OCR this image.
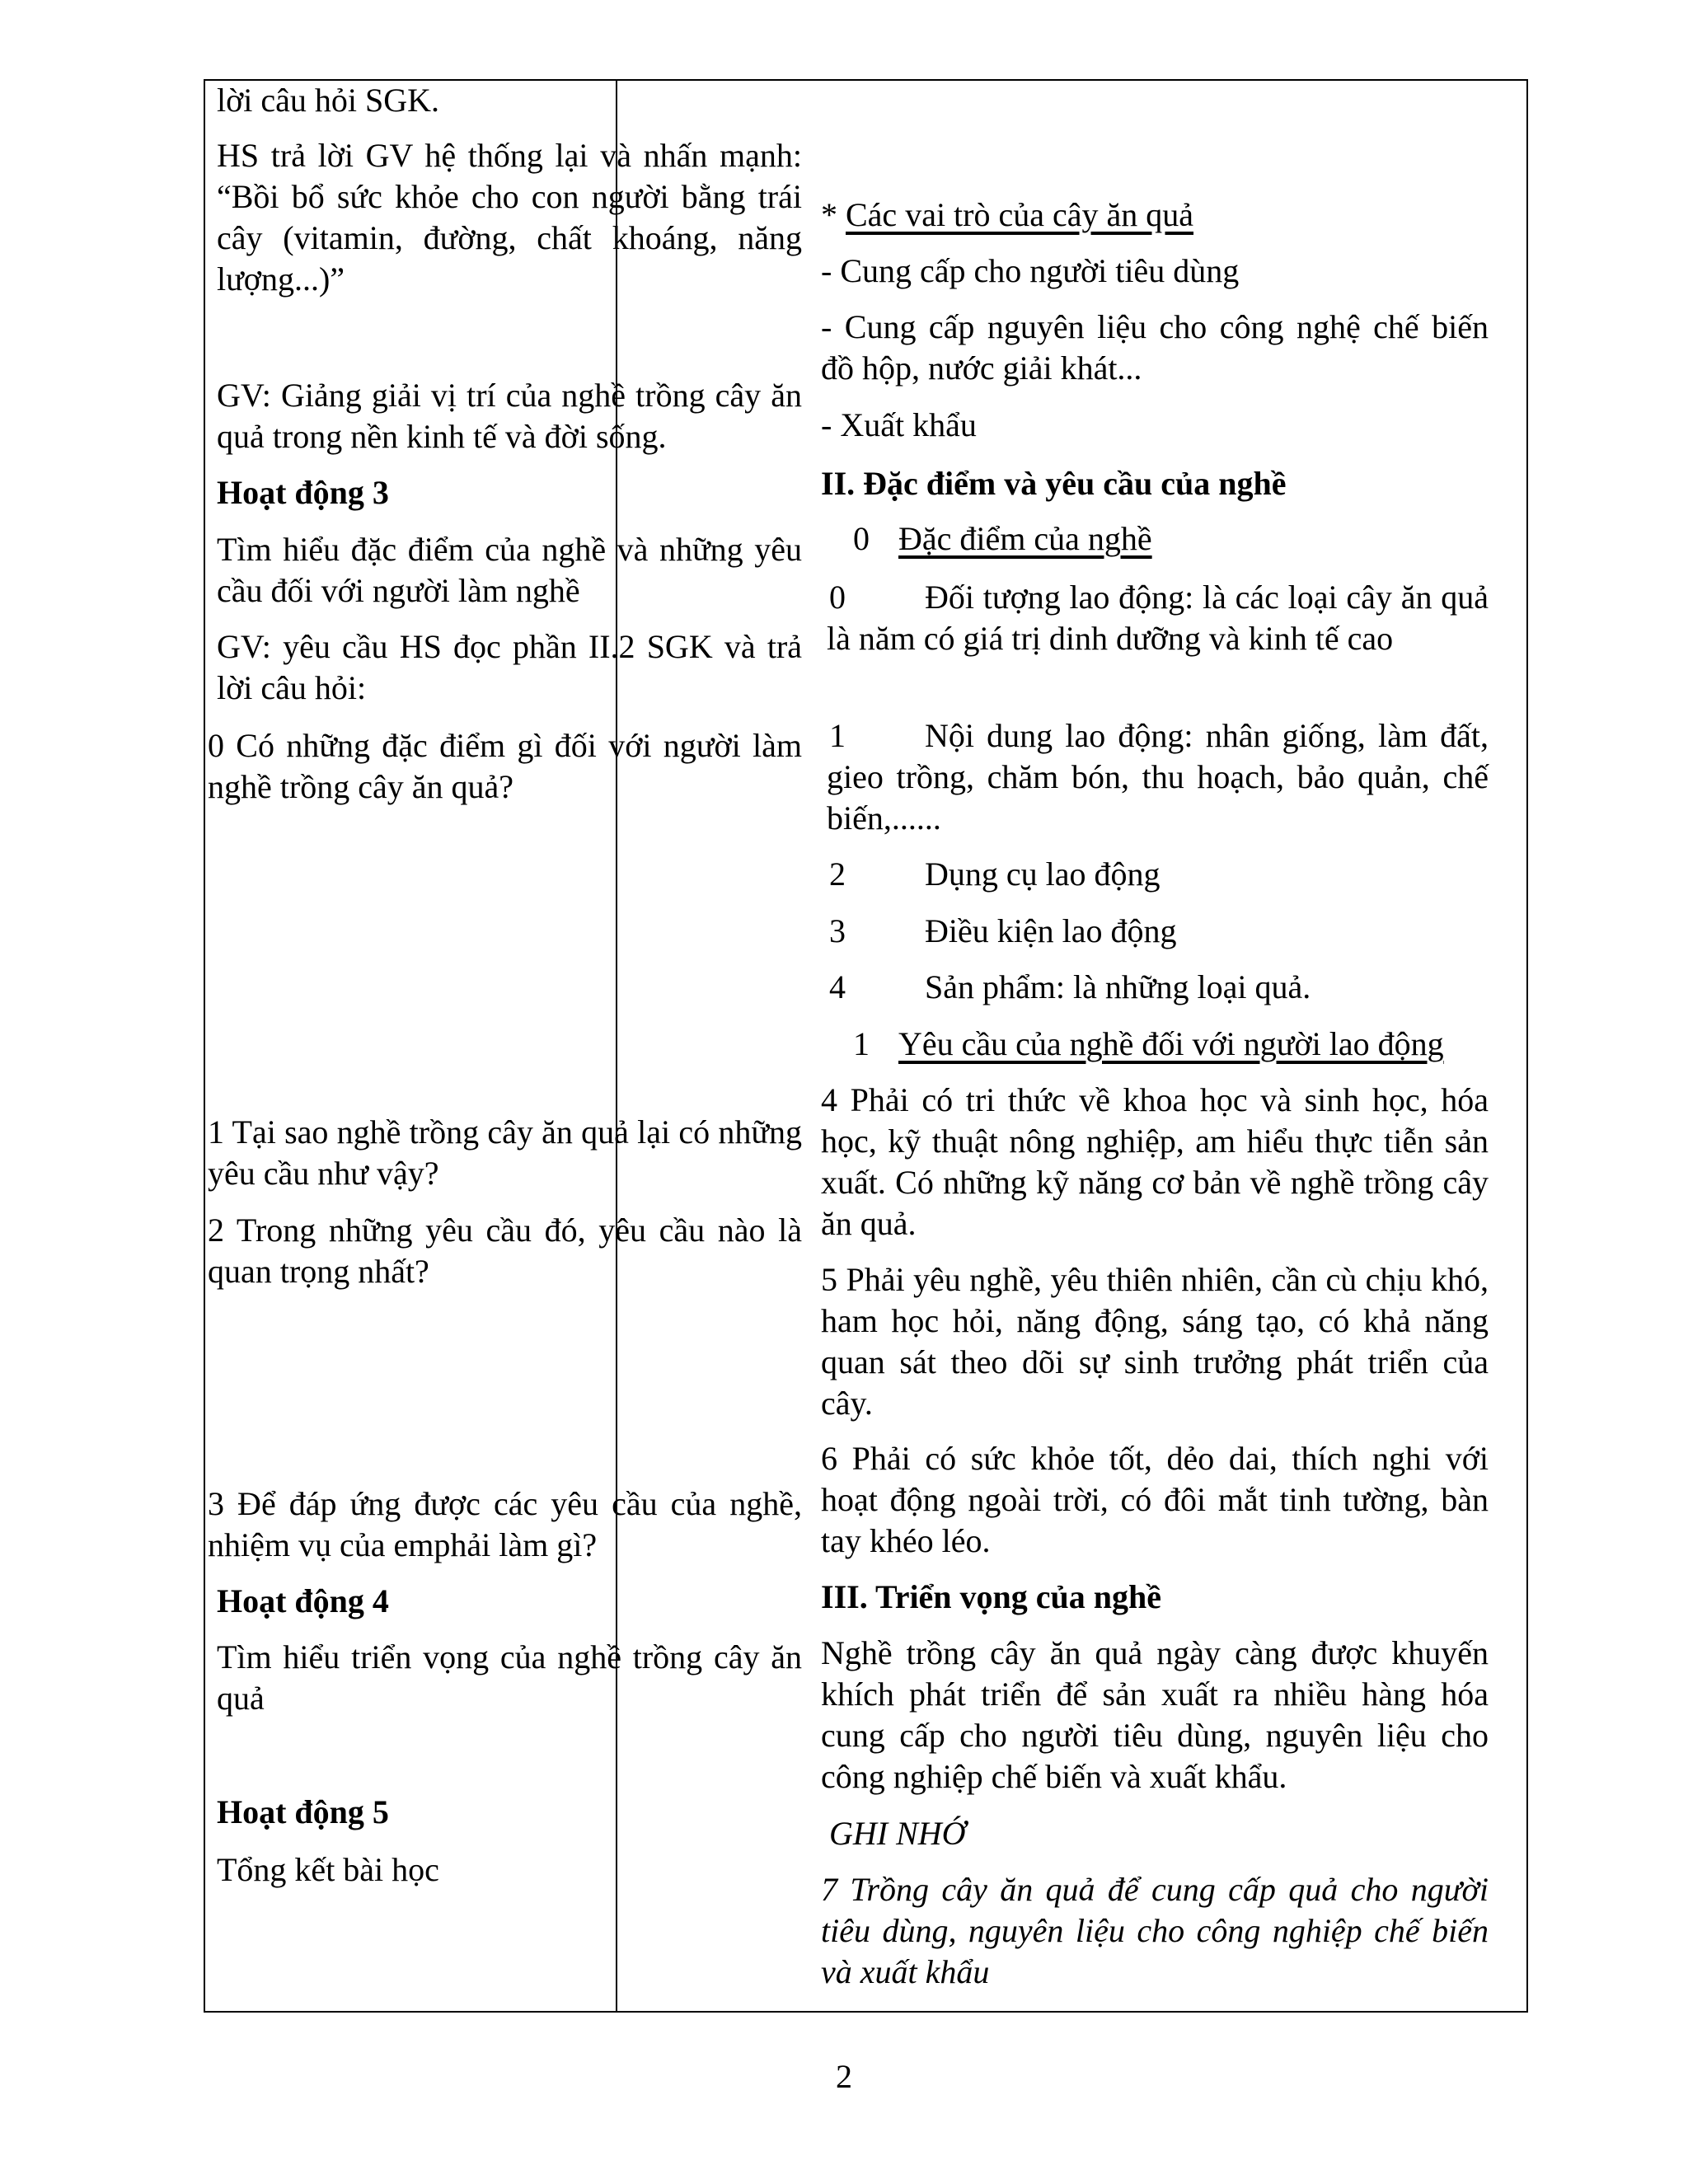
lời câu hỏi SGK.
HS trả lời GV hệ thống lại và nhấn mạnh: “Bồi bổ sức khỏe cho con người bằng trái cây (vitamin, đường, chất khoáng, năng lượng...)”
GV: Giảng giải vị trí của nghề trồng cây ăn quả trong nền kinh tế và đời sống.
Hoạt động 3
Tìm hiểu đặc điểm của nghề và những yêu cầu đối với người làm nghề
GV: yêu cầu HS đọc phần II.2 SGK và trả lời câu hỏi:
0 Có những đặc điểm gì đối với người làm nghề trồng cây ăn quả?
1 Tại sao nghề trồng cây ăn quả lại có những yêu cầu như vậy?
2 Trong những yêu cầu đó, yêu cầu nào là quan trọng nhất?
3 Để đáp ứng được các yêu cầu của nghề, nhiệm vụ của emphải làm gì?
Hoạt động 4
Tìm hiểu triển vọng của nghề trồng cây ăn quả
Hoạt động 5
Tổng kết bài học
* Các vai trò của cây ăn quả
- Cung cấp cho người tiêu dùng
- Cung cấp nguyên liệu cho công nghệ chế biến đồ hộp, nước giải khát...
- Xuất khẩu
II. Đặc điểm và yêu cầu của nghề
0 Đặc điểm của nghề
0	Đối tượng lao động: là các loại cây ăn quả là năm có giá trị dinh dưỡng và kinh tế cao
1	Nội dung lao động: nhân giống, làm đất, gieo trồng, chăm bón, thu hoạch, bảo quản, chế biến,......
2 Dụng cụ lao động
3 Điều kiện lao động
4 Sản phẩm: là những loại quả.
1 Yêu cầu của nghề đối với người lao động
4 Phải có tri thức về khoa học và sinh học, hóa học, kỹ thuật nông nghiệp, am hiểu thực tiễn sản xuất. Có những kỹ năng cơ bản về nghề trồng cây ăn quả.
5 Phải yêu nghề, yêu thiên nhiên, cần cù chịu khó, ham học hỏi, năng động, sáng tạo, có khả năng quan sát theo dõi sự sinh trưởng phát triển của cây.
6 Phải có sức khỏe tốt, dẻo dai, thích nghi với hoạt động ngoài trời, có đôi mắt tinh tường, bàn tay khéo léo.
III. Triển vọng của nghề
Nghề trồng cây ăn quả ngày càng được khuyến khích phát triển để sản xuất ra nhiều hàng hóa cung cấp cho người tiêu dùng, nguyên liệu cho công nghiệp chế biến và xuất khẩu.
GHI NHỚ
7 Trồng cây ăn quả để cung cấp quả cho người tiêu dùng, nguyên liệu cho công nghiệp chế biến và xuất khẩu
2
